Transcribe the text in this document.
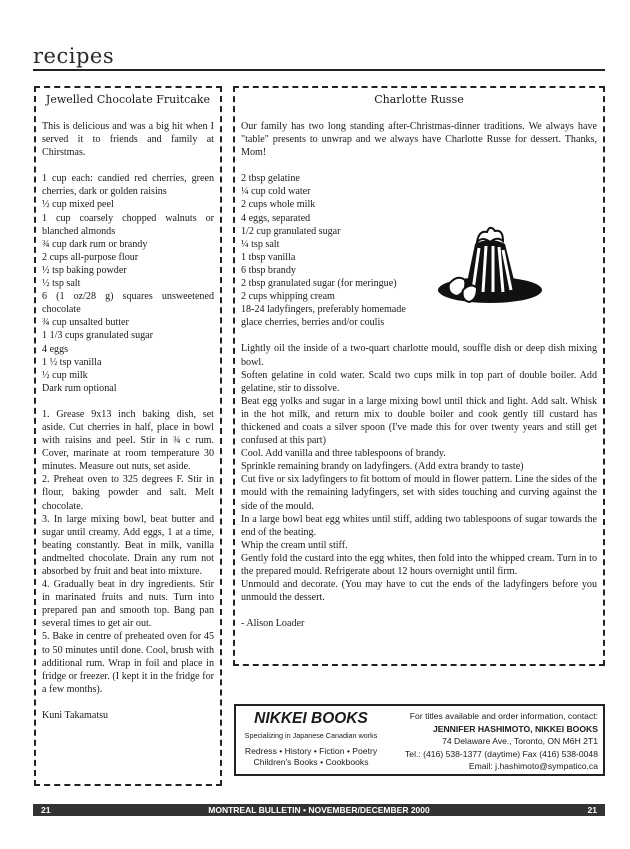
recipes
Jewelled Chocolate Fruitcake

This is delicious and was a big hit when I served it to friends and family at Chirstmas.

1 cup each: candied red cherries, green cherries, dark or golden raisins

½ cup mixed peel

1 cup coarsely chopped walnuts or blanched almonds

¾ cup dark rum or brandy

2 cups all-purpose flour

½ tsp baking powder

½ tsp salt

6 (1 oz/28 g) squares unsweetened chocolate

¾ cup unsalted butter

1 1/3 cups granulated sugar

4 eggs

1 ½ tsp vanilla

½ cup milk

Dark rum optional

1. Grease 9x13 inch baking dish, set aside. Cut cherries in half, place in bowl with raisins and peel. Stir in ¾ c rum. Cover, marinate at room temperature 30 minutes. Measure out nuts, set aside.

2. Preheat oven to 325 degrees F. Stir in flour, baking powder and salt. Melt chocolate.

3. In large mixing bowl, beat butter and sugar until creamy. Add eggs, 1 at a time, beating constantly. Beat in milk, vanilla andmelted chocolate. Drain any rum not absorbed by fruit and beat into mixture.

4. Gradually beat in dry ingredients. Stir in marinated fruits and nuts. Turn into prepared pan and smooth top. Bang pan several times to get air out.

5. Bake in centre of preheated oven for 45 to 50 minutes until done. Cool, brush with additional rum. Wrap in foil and place in fridge or freezer. (I kept it in the fridge for a few months).

Kuni Takamatsu

Charlotte Russe

Our family has two long standing after-Christmas-dinner traditions. We always have "table" presents to unwrap and we always have Charlotte Russe for dessert. Thanks, Mom!

2 tbsp gelatine

¼ cup cold water

2 cups whole milk

4 eggs, separated

1/2 cup granulated sugar

¼ tsp salt

1 tbsp vanilla

6 tbsp brandy

2 tbsp granulated sugar (for meringue)

2 cups whipping cream

18-24 ladyfingers, preferably homemade

glace cherries, berries and/or coulis

Lightly oil the inside of a two-quart charlotte mould, souffle dish or deep dish mixing bowl.

Soften gelatine in cold water. Scald two cups milk in top part of double boiler. Add gelatine, stir to dissolve.

Beat egg yolks and sugar in a large mixing bowl until thick and light. Add salt. Whisk in the hot milk, and return mix to double boiler and cook gently till custard has thickened and coats a silver spoon (I've made this for over twenty years and still get confused at this part)

Cool. Add vanilla and three tablespoons of brandy.

Sprinkle remaining brandy on ladyfingers. (Add extra brandy to taste)

Cut five or six ladyfingers to fit bottom of mould in flower pattern. Line the sides of the mould with the remaining ladyfingers, set with sides touching and curving against the side of the mould.

In a large bowl beat egg whites until stiff, adding two tablespoons of sugar towards the end of the beating.

Whip the cream until stiff.

Gently fold the custard into the egg whites, then fold into the whipped cream. Turn in to the prepared mould. Refrigerate about 12 hours overnight until firm.

Unmould and decorate. (You may have to cut the ends of the ladyfingers before you unmould the dessert.

- Alison Loader

NIKKEI BOOKS
Specializing in Japanese Canadian works
Redress • History • Fiction • Poetry
Children's Books • Cookbooks
For titles available and order information, contact:
JENNIFER HASHIMOTO, NIKKEI BOOKS
74 Delaware Ave., Toronto, ON M6H 2T1
Tel.: (416) 538-1377 (daytime) Fax (416) 538-0048
Email: j.hashimoto@sympatico.ca
21	MONTREAL BULLETIN • NOVEMBER/DECEMBER 2000	21
